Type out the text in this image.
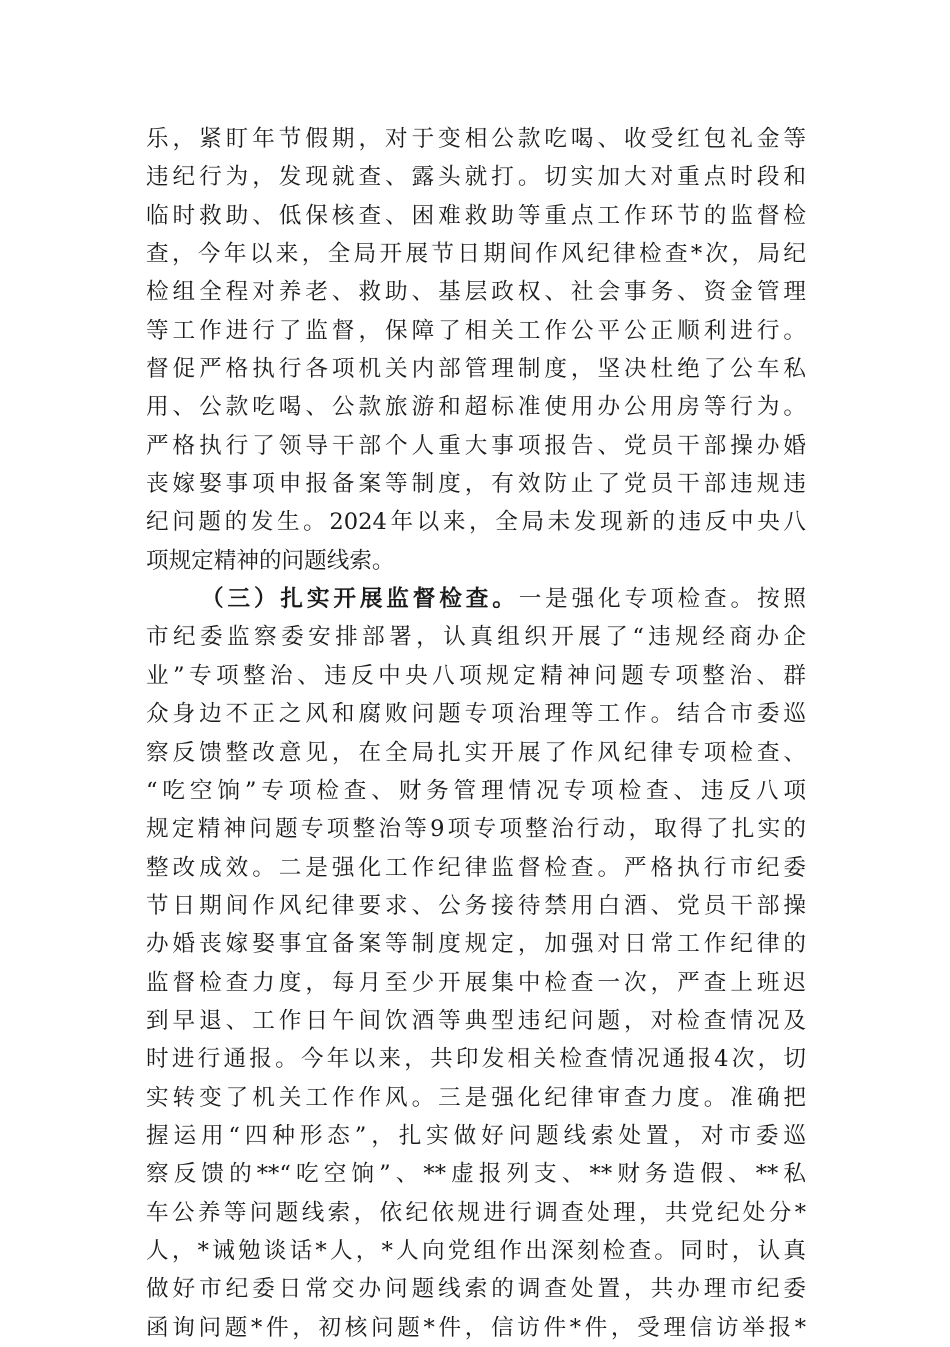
乐，紧盯年节假期，对于变相公款吃喝、收受红包礼金等
违纪行为，发现就查、露头就打。切实加大对重点时段和
临时救助、低保核查、困难救助等重点工作环节的监督检
查，今年以来，全局开展节日期间作风纪律检查*次，局纪
检组全程对养老、救助、基层政权、社会事务、资金管理
等工作进行了监督，保障了相关工作公平公正顺利进行。
督促严格执行各项机关内部管理制度，坚决杜绝了公车私
用、公款吃喝、公款旅游和超标准使用办公用房等行为。
严格执行了领导干部个人重大事项报告、党员干部操办婚
丧嫁娶事项申报备案等制度，有效防止了党员干部违规违
纪问题的发生。2024年以来，全局未发现新的违反中央八
项规定精神的问题线索。
（三）扎实开展监督检查。一是强化专项检查。按照
市纪委监察委安排部署，认真组织开展了“违规经商办企
业”专项整治、违反中央八项规定精神问题专项整治、群
众身边不正之风和腐败问题专项治理等工作。结合市委巡
察反馈整改意见，在全局扎实开展了作风纪律专项检查、
“吃空饷”专项检查、财务管理情况专项检查、违反八项
规定精神问题专项整治等9项专项整治行动，取得了扎实的
整改成效。二是强化工作纪律监督检查。严格执行市纪委
节日期间作风纪律要求、公务接待禁用白酒、党员干部操
办婚丧嫁娶事宜备案等制度规定，加强对日常工作纪律的
监督检查力度，每月至少开展集中检查一次，严查上班迟
到早退、工作日午间饮酒等典型违纪问题，对检查情况及
时进行通报。今年以来，共印发相关检查情况通报4次，切
实转变了机关工作作风。三是强化纪律审查力度。准确把
握运用“四种形态”，扎实做好问题线索处置，对市委巡
察反馈的**“吃空饷”、**虚报列支、**财务造假、**私
车公养等问题线索，依纪依规进行调查处理，共党纪处分*
人，*诫勉谈话*人，*人向党组作出深刻检查。同时，认真
做好市纪委日常交办问题线索的调查处置，共办理市纪委
函询问题*件，初核问题*件，信访件*件，受理信访举报*
